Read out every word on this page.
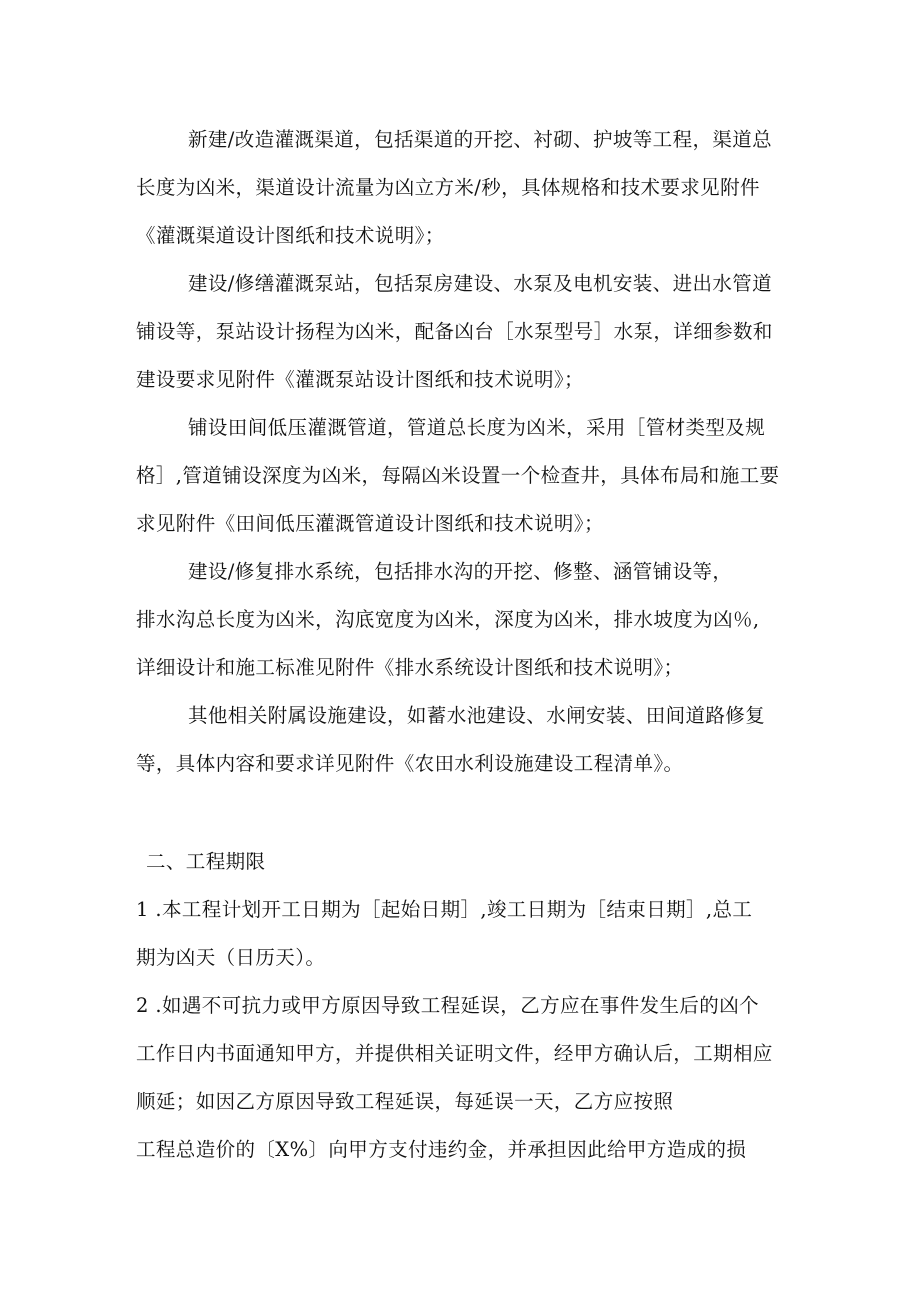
新建/改造灌溉渠道，包括渠道的开挖、衬砌、护坡等工程，渠道总
长度为凶米，渠道设计流量为凶立方米/秒，具体规格和技术要求见附件
《灌溉渠道设计图纸和技术说明》；
建设/修缮灌溉泵站，包括泵房建设、水泵及电机安装、进出水管道
铺设等，泵站设计扬程为凶米，配备凶台［水泵型号］水泵，详细参数和
建设要求见附件《灌溉泵站设计图纸和技术说明》；
铺设田间低压灌溉管道，管道总长度为凶米，采用［管材类型及规
格］,管道铺设深度为凶米，每隔凶米设置一个检查井，具体布局和施工要
求见附件《田间低压灌溉管道设计图纸和技术说明》；
建设/修复排水系统，包括排水沟的开挖、修整、涵管铺设等，
排水沟总长度为凶米，沟底宽度为凶米，深度为凶米，排水坡度为凶％,
详细设计和施工标准见附件《排水系统设计图纸和技术说明》；
其他相关附属设施建设，如蓄水池建设、水闸安装、田间道路修复
等，具体内容和要求详见附件《农田水利设施建设工程清单》。
二、工程期限
1 .本工程计划开工日期为［起始日期］,竣工日期为［结束日期］,总工
期为凶天（日历天）。
2 .如遇不可抗力或甲方原因导致工程延误，乙方应在事件发生后的凶个
工作日内书面通知甲方，并提供相关证明文件，经甲方确认后，工期相应
顺延；如因乙方原因导致工程延误，每延误一天，乙方应按照
工程总造价的〔X%〕向甲方支付违约金，并承担因此给甲方造成的损
